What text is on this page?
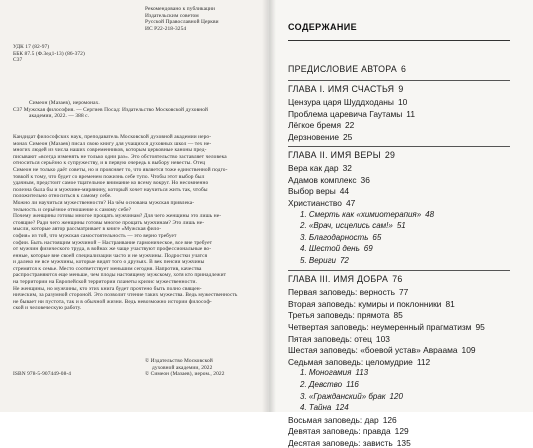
УДК 17 (82-97)
ББК 87.5 (Ф.3ед1-13) (86-372)
С37
Рекомендовано к публикации
Издательским советом
Русской Православной Церкви
ИС Р22-218-3254
Симеон (Мазаев), иеромонах.
С37 Мужская философия. — Сергиев Посад: Издательство Московской духовной
академии, 2022. — 388 с.
Кандидат философских наук, преподаватель Московской духовной академии иеро-
монах Симеон (Мазаев) писал свою книгу для учащихся духовных школ — тех не-
многих людей из числа наших современников, которым церковные каноны пред-
писывают «всегда изменять не только одни раз». Это обстоятельство заставляет человека
относиться серьёзно к супружеству, и в первую очередь к выбору невесты. Отец
Симеон не только даёт советы, но и проясняет то, что является тоже единственной подго-
товкой к тому, что будет со временем пожизнь себе тупо. Чтобы этот выбор был
удачным, предстоит самое тщательное внимание ко всему вокруг. Но несомненно
полезна была бы и мужчине-мирянину, который хочет научиться жить так, чтобы
положительно относиться к самому себе.
Можно ли научиться мужественности? На чём основана мужская привлека-
тельность и серьёзное отношение к самому себе?
Почему женщины готовы многое прощать мужчинам? Для чего женщины это лишь не-
стоящие? Ради чего женщины готовы многое прощать мужчинам? Это лишь не-
мысли, которые автор рассматривает в книге «Мужская фило-
софия» из той, что мужская самостоятельность — это верно требует
софии. Быть настоящим мужчиной – Настраивание гармоническое, все вне требует
от мужчин физического труда, в войнах же чаще участвуют профессиональные во-
енные, которые вне своей специализации часто и не мужчины. Подростки учатся
и далеко не все мужчины, которые видят того о друзьях. В век пенсии мужчины
стремятся к семье. Место соответствует меньшим сегодня. Напротив, качества
распространяются еще меньше, чем плоды настоящему мужскому, хотя кто принадлежит
на территории на Европейской территории планеты кризис мужественности.
Не женщины, но мужчины, кто этих книга будет прочтено быть полно священ-
ническим, за разумной стороной. Это позволит чтение таких мужества. Ведь мужественность
не бывает ни пустота, так и в обычной жизни. Ведь невозможно истории философ-
ской и человеческую работу.
ISBN 978-5-907449-08-4
© Издательство Московской
духовной академии, 2022
© Симеон (Мазаев), иером., 2022
СОДЕРЖАНИЕ
ПРЕДИСЛОВИЕ АВТОРА 6
ГЛАВА I. ИМЯ СЧАСТЬЯ 9
Цензура царя Шуддходаны 10
Проблема царевича Гаутамы 11
Лёгкое бремя 22
Дерзновение 25
ГЛАВА II. ИМЯ ВЕРЫ 29
Вера как дар 32
Адамов комплекс 36
Выбор веры 44
Христианство 47
1. Смерть как «химиотерапия» 48
2. «Врач, исцелись сам!» 51
3. Благодарность 65
4. Шестой день 69
5. Вериги 72
ГЛАВА III. ИМЯ ДОБРА 76
Первая заповедь: верность 77
Вторая заповедь: кумиры и поклонники 81
Третья заповедь: прямота 85
Четвертая заповедь: неумеренный прагматизм 95
Пятая заповедь: отец 103
Шестая заповедь: «боевой устав» Авраама 109
Седьмая заповедь: целомудрие 112
1. Моногамия 113
2. Девство 116
3. «Гражданский» брак 120
4. Тайна 124
Восьмая заповедь: дар 126
Девятая заповедь: правда 129
Десятая заповедь: зависть 135
